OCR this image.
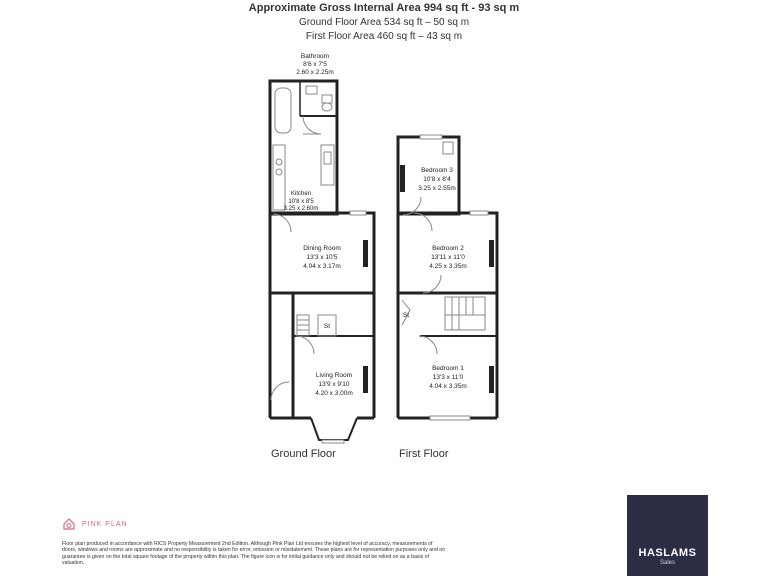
Approximate Gross Internal Area 994 sq ft - 93 sq m
Ground Floor Area 534 sq ft – 50 sq m
First Floor Area 460 sq ft – 43 sq m
Bathroom
8'6 x 7'5
2.60 x 2.25m
Kitchen
10'8 x 8'5
3.25 x 2.60m
Dining Room
13'3 x 10'5
4.04 x 3.17m
Living Room
13'9 x 9'10
4.20 x 3.00m
St
Bedroom 3
10'8 x 8'4
3.25 x 2.55m
Bedroom 2
13'11 x 11'0
4.25 x 3.35m
Bedroom 1
13'3 x 11'0
4.04 x 3.35m
St
Ground Floor	First Floor
PINK PLAN
Floor plan produced in accordance with RICS Property Measurement 2nd Edition. Although Pink Plan Ltd ensures the highest level of accuracy, measurements of doors, windows and rooms are approximate and no responsibility is taken for error, omission or misstatement. These plans are for representation purposes only and no guarantee is given on the total square footage of the property within this plan. The figure icon is for initial guidance only and should not be relied on as a basis of valuation.
HASLAMS
Sales
